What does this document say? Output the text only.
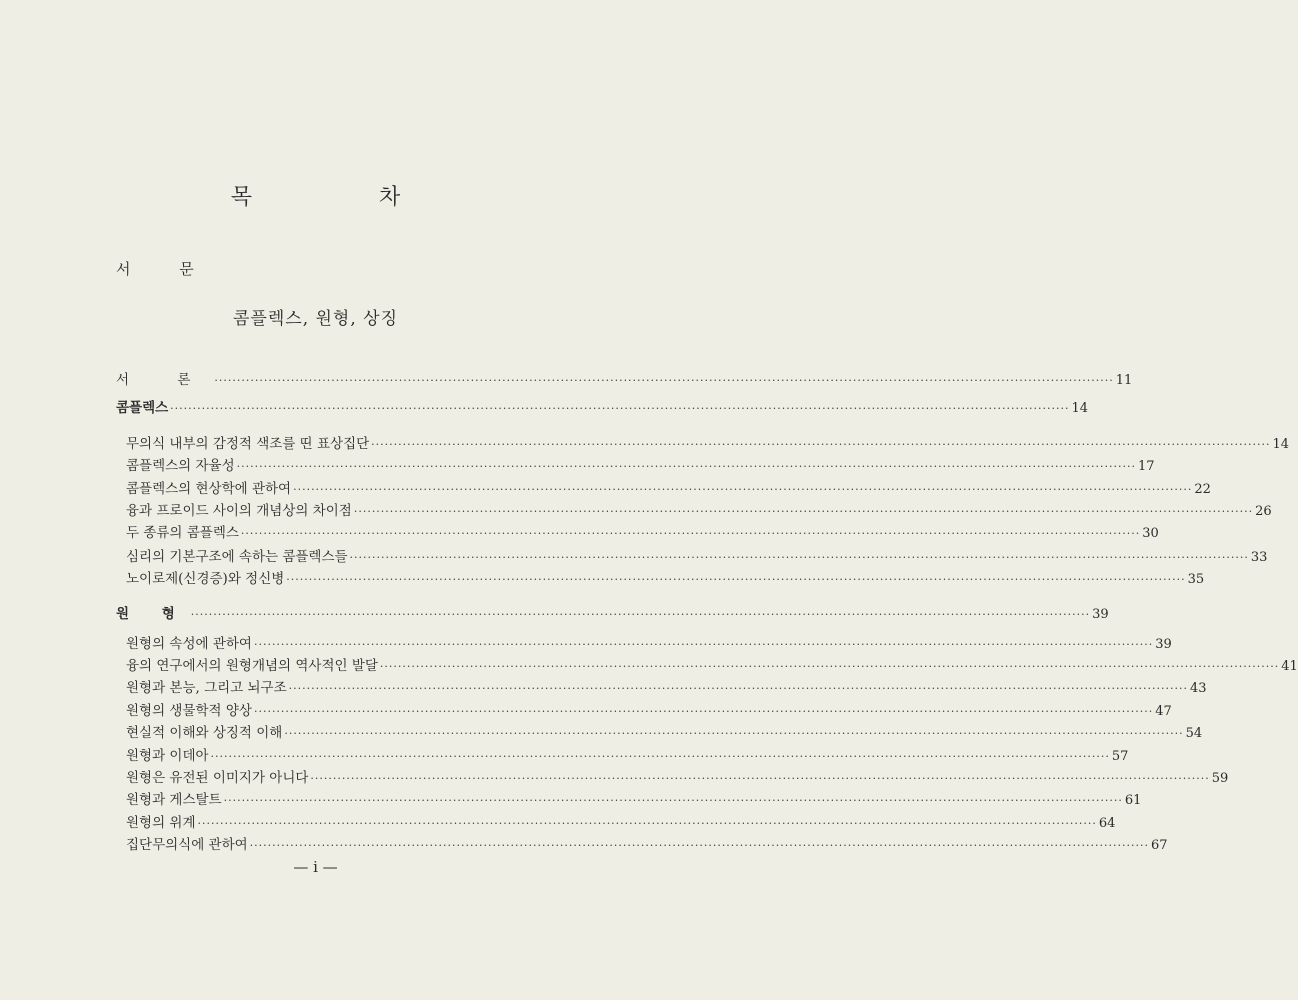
목 차
서 문
콤플렉스, 원형, 상징
서 론 ········································································································································································································ 11
콤플렉스 ········································································································································································································ 14
무의식 내부의 감정적 색조를 띤 표상집단 ········································································································································································································ 14
콤플렉스의 자율성 ········································································································································································································ 17
콤플렉스의 현상학에 관하여 ········································································································································································································ 22
융과 프로이드 사이의 개념상의 차이점 ········································································································································································································ 26
두 종류의 콤플렉스 ········································································································································································································ 30
심리의 기본구조에 속하는 콤플렉스들 ········································································································································································································ 33
노이로제(신경증)와 정신병 ········································································································································································································ 35
원 형 ········································································································································································································ 39
원형의 속성에 관하여 ········································································································································································································ 39
융의 연구에서의 원형개념의 역사적인 발달 ········································································································································································································ 41
원형과 본능, 그리고 뇌구조 ········································································································································································································ 43
원형의 생물학적 양상 ········································································································································································································ 47
현실적 이해와 상징적 이해 ········································································································································································································ 54
원형과 이데아 ········································································································································································································ 57
원형은 유전된 이미지가 아니다 ········································································································································································································ 59
원형과 게스탈트 ········································································································································································································ 61
원형의 위계 ········································································································································································································ 64
집단무의식에 관하여 ········································································································································································································ 67
— i —
